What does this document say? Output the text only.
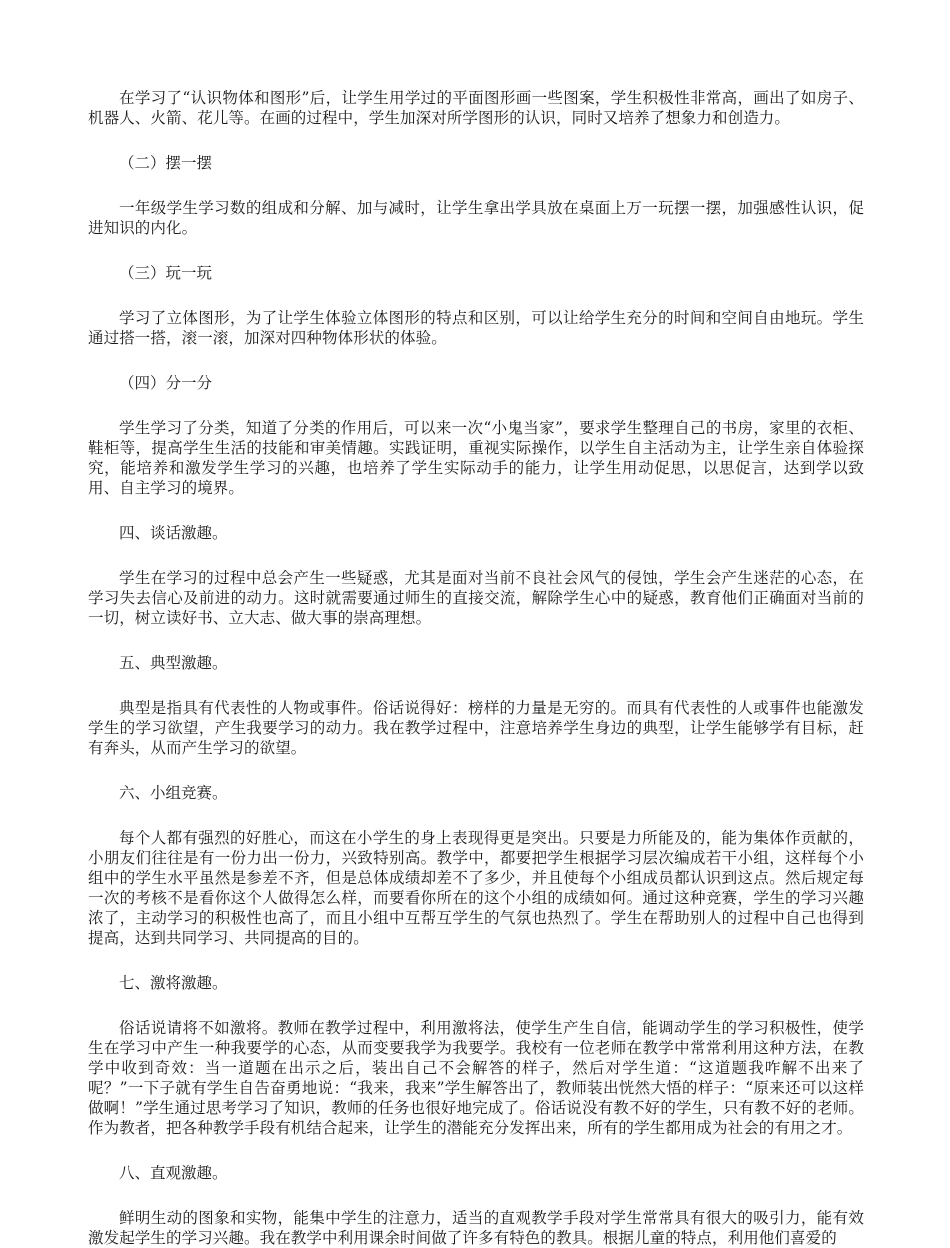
在学习了“认识物体和图形”后，让学生用学过的平面图形画一些图案，学生积极性非常高，画出了如房子、机器人、火箭、花儿等。在画的过程中，学生加深对所学图形的认识，同时又培养了想象力和创造力。

（二）摆一摆

一年级学生学习数的组成和分解、加与减时，让学生拿出学具放在桌面上万一玩摆一摆，加强感性认识，促进知识的内化。

（三）玩一玩

学习了立体图形，为了让学生体验立体图形的特点和区别，可以让给学生充分的时间和空间自由地玩。学生通过搭一搭，滚一滚，加深对四种物体形状的体验。

（四）分一分

学生学习了分类，知道了分类的作用后，可以来一次“小鬼当家”，要求学生整理自己的书房，家里的衣柜、鞋柜等，提高学生生活的技能和审美情趣。实践证明，重视实际操作，以学生自主活动为主，让学生亲自体验探究，能培养和激发学生学习的兴趣，也培养了学生实际动手的能力，让学生用动促思，以思促言，达到学以致用、自主学习的境界。

四、谈话激趣。

学生在学习的过程中总会产生一些疑惑，尤其是面对当前不良社会风气的侵蚀，学生会产生迷茫的心态，在学习失去信心及前进的动力。这时就需要通过师生的直接交流，解除学生心中的疑惑，教育他们正确面对当前的一切，树立读好书、立大志、做大事的崇高理想。

五、典型激趣。

典型是指具有代表性的人物或事件。俗话说得好：榜样的力量是无穷的。而具有代表性的人或事件也能激发学生的学习欲望，产生我要学习的动力。我在教学过程中，注意培养学生身边的典型，让学生能够学有目标，赶有奔头，从而产生学习的欲望。

六、小组竞赛。

每个人都有强烈的好胜心，而这在小学生的身上表现得更是突出。只要是力所能及的，能为集体作贡献的，小朋友们往往是有一份力出一份力，兴致特别高。教学中，都要把学生根据学习层次编成若干小组，这样每个小组中的学生水平虽然是参差不齐，但是总体成绩却差不了多少，并且使每个小组成员都认识到这点。然后规定每一次的考核不是看你这个人做得怎么样，而要看你所在的这个小组的成绩如何。通过这种竞赛，学生的学习兴趣浓了，主动学习的积极性也高了，而且小组中互帮互学生的气氛也热烈了。学生在帮助别人的过程中自己也得到提高，达到共同学习、共同提高的目的。

七、激将激趣。

俗话说请将不如激将。教师在教学过程中，利用激将法，使学生产生自信，能调动学生的学习积极性，使学生在学习中产生一种我要学的心态，从而变要我学为我要学。我校有一位老师在教学中常常利用这种方法，在教学中收到奇效：当一道题在出示之后，装出自己不会解答的样子，然后对学生道：“这道题我咋解不出来了呢？”一下子就有学生自告奋勇地说：“我来，我来”学生解答出了，教师装出恍然大悟的样子：“原来还可以这样做啊！”学生通过思考学习了知识，教师的任务也很好地完成了。俗话说没有教不好的学生，只有教不好的老师。作为教者，把各种教学手段有机结合起来，让学生的潜能充分发挥出来，所有的学生都用成为社会的有用之才。

八、直观激趣。

鲜明生动的图象和实物，能集中学生的注意力，适当的直观教学手段对学生常常具有很大的吸引力，能有效激发起学生的学习兴趣。我在教学中利用课余时间做了许多有特色的教具。根据儿童的特点，利用他们喜爱的
